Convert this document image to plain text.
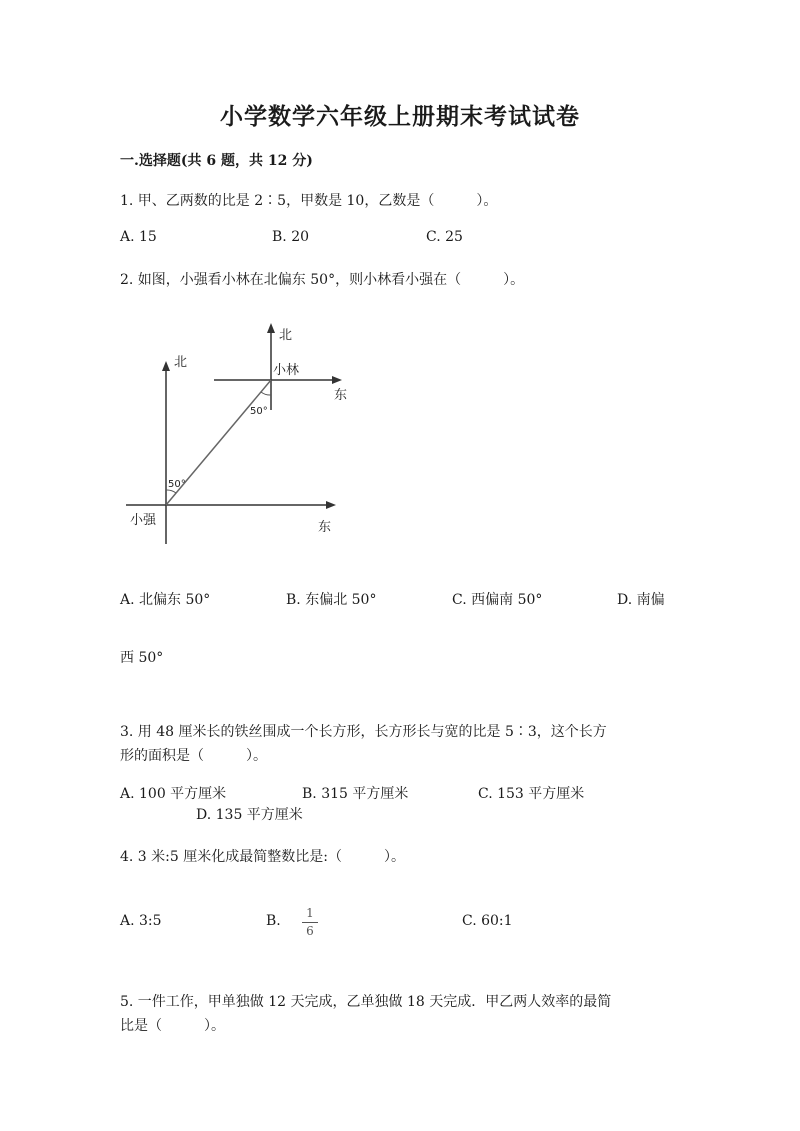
小学数学六年级上册期末考试试卷
一.选择题(共 6 题，共 12 分)
1. 甲、乙两数的比是 2∶5，甲数是 10，乙数是（　　　）。
A. 15	B. 20	C. 25
2. 如图，小强看小林在北偏东 50°，则小林看小强在（　　　）。
北
北
东
东
小强
小林
50°
50°
A. 北偏东 50°	B. 东偏北 50°	C. 西偏南 50°	D. 南偏
西 50°
3. 用 48 厘米长的铁丝围成一个长方形，长方形长与宽的比是 5∶3，这个长方
形的面积是（　　　）。
A. 100 平方厘米	B. 315 平方厘米	C. 153 平方厘米
D. 135 平方厘米
4. 3 米:5 厘米化成最简整数比是:（　　　）。
A. 3:5	B.	1
6
C. 60:1
5. 一件工作，甲单独做 12 天完成，乙单独做 18 天完成．甲乙两人效率的最简
比是（　　　）。
